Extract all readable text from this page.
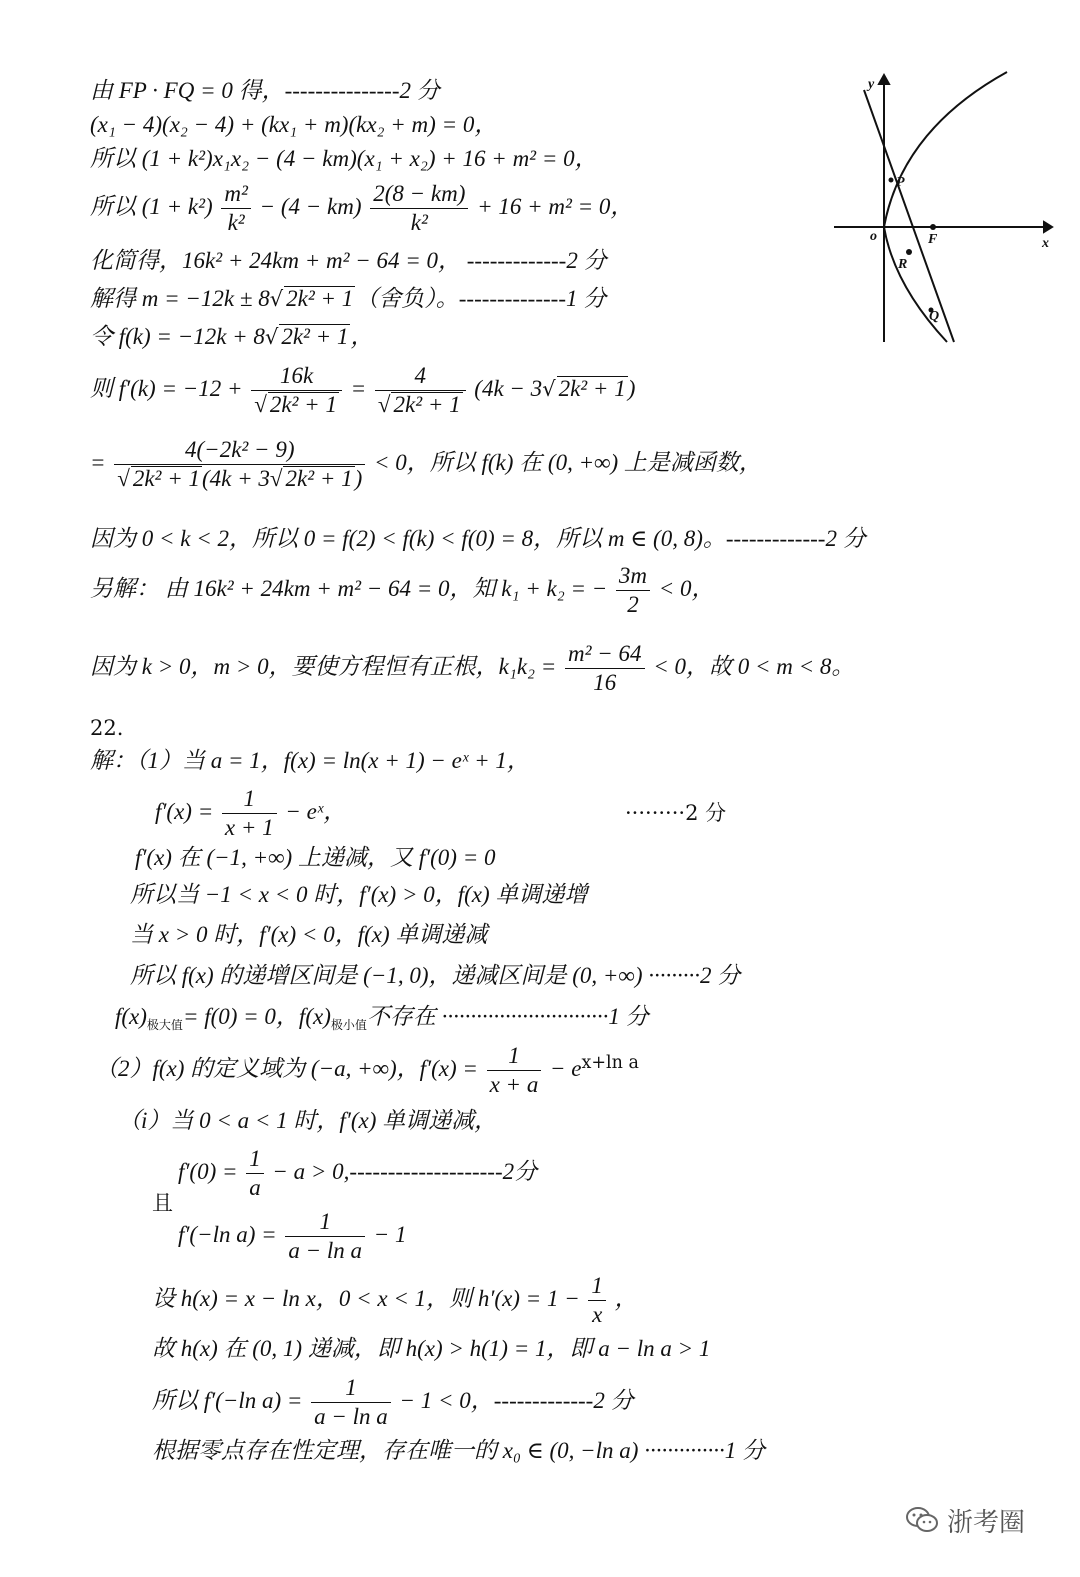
由 FP · FQ = 0 得，---------------2 分
(x₁ − 4)(x₂ − 4) + (kx₁ + m)(kx₂ + m) = 0，
所以 (1 + k²)x₁x₂ − (4 − km)(x₁ + x₂) + 16 + m² = 0，
所以 $(1 + k^2) \frac{\text{m²}}{\text{k²}} - (4 - km) \frac{2(8 - km)}{\text{k²}} + 16 + m^2 = 0$，
化简得，16k² + 24km + m² − 64 = 0， -------------2 分
解得 m = −12k ± 8√ 2k² + 1（舍负）。--------------1 分
令 f(k) = −12k + 8√ 2k² + 1，
则 $f'(k) = -12 + \frac{16k}{\text{√ 2k² + 1}} = \frac{4}{\text{√ 2k² + 1}} (4k - 3√$ 2k² + 1)
= $\frac{\text{4(−2k² − 9)}}{\text{√ 2k² + 1(4k + 3√ 2k² + 1)}} < 0$，所以 f(k) 在 (0, +∞) 上是减函数，
因为 0 < k < 2，所以 0 = f(2) < f(k) < f(0) = 8，所以 m ∈ (0, 8)。-------------2 分
另解： 由 16k² + 24km + m² − 64 = 0，知 k₁ + k₂ = − $\frac{3m}{2} < 0$，
因为 k > 0，m > 0，要使方程恒有正根，$k_1k_2 = \frac{\text{m² − 64}}{16} < 0$，故 0 < m < 8。
22.
解：（1）当 a = 1，f(x) = ln(x + 1) − eˣ + 1，
$f'(x) = \frac{1}{x + 1}$ − eˣ，	·········2 分
f′(x) 在 (−1, +∞) 上递减，又 f′(0) = 0
所以当 −1 < x < 0 时，f′(x) > 0，f(x) 单调递增
当 x > 0 时，f′(x) < 0，f(x) 单调递减
所以 f(x) 的递增区间是 (−1, 0)，递减区间是 (0, +∞) ·········2 分
$f(x)_{极大值}= f(0) = 0$，$f(x)_{极小值}$不存在 ·····························1 分
（2）f(x) 的定义域为 (−a, +∞)，$f'(x) = \frac{1}{x + a} - e^{x+ln a}$
（i）当 0 < a < 1 时，f′(x) 单调递减，
$f'(0) = \frac{1}{a} - a > 0,--------------------2$分
且
f′(−ln $a) = \frac{1}{\text{a − ln a}} - 1$
设 h(x) = x − ln x，0 < x < 1，则 $h'(x) = 1 - \frac{1}{x}$ ，
故 h(x) 在 (0, 1) 递减，即 h(x) > h(1) = 1，即 a − ln a > 1
所以 f′(−ln $a) = \frac{1}{\text{a − ln a}} - 1 < 0$，-------------2 分
根据零点存在性定理，存在唯一的 x₀ ∈ (0, −ln a) ··············1 分
y
x
o
P
F
R
Q
浙考圈
